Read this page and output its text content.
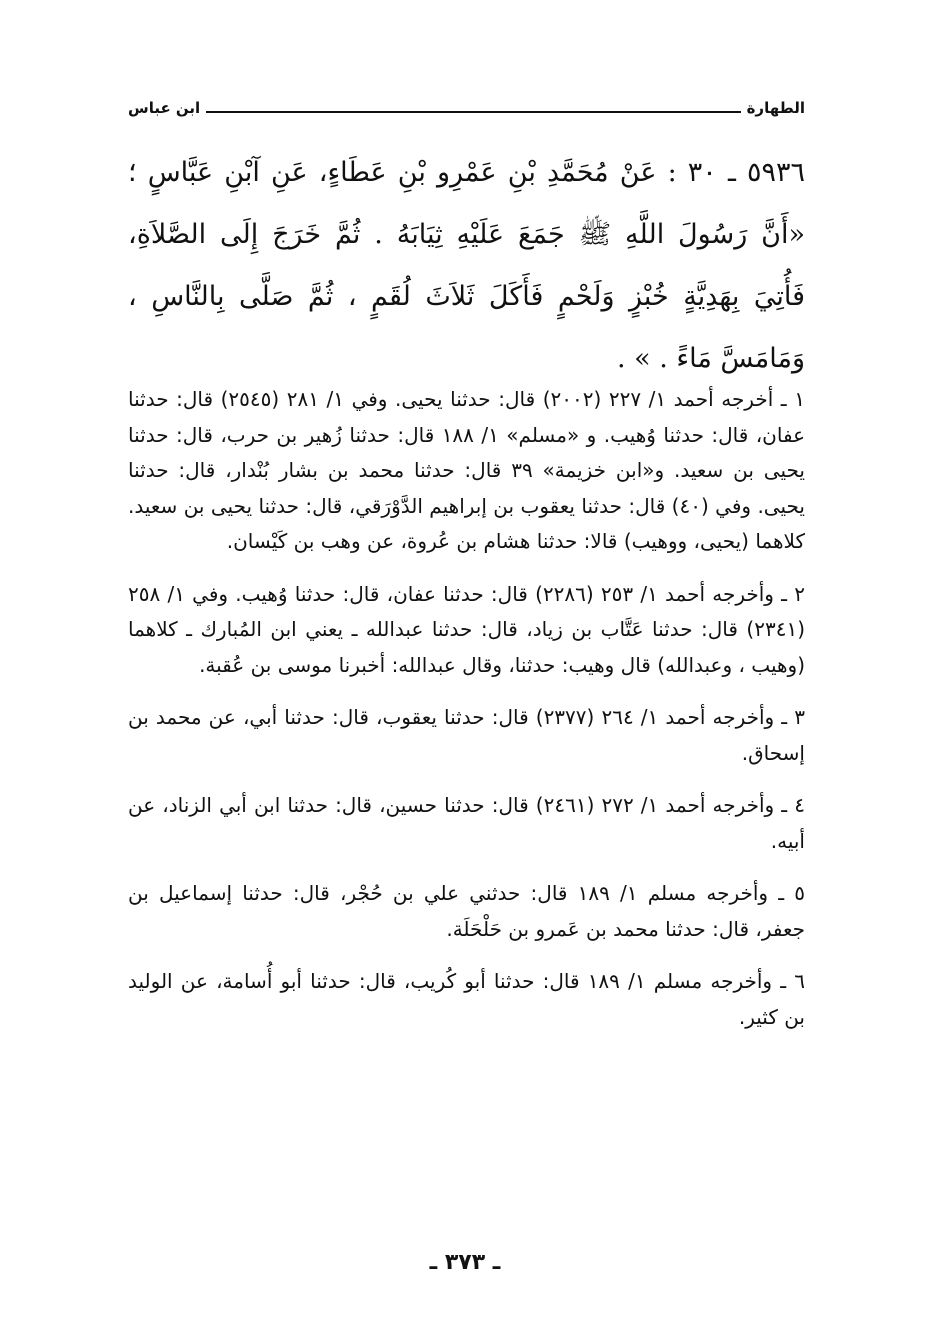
الطهارة
ابن عباس
٥٩٣٦ ـ ٣٠ : عَنْ مُحَمَّدِ بْنِ عَمْرِو بْنِ عَطَاءٍ، عَنِ آبْنِ عَبَّاسٍ ؛ «أَنَّ رَسُولَ اللَّهِ ﷺ جَمَعَ عَلَيْهِ ثِيَابَهُ . ثُمَّ خَرَجَ إِلَى الصَّلاَةِ، فَأُتِيَ بِهَدِيَّةٍ خُبْزٍ وَلَحْمٍ فَأَكَلَ ثَلاَثَ لُقَمٍ ، ثُمَّ صَلَّى بِالنَّاسِ ، وَمَامَسَّ مَاءً . » .

١ ـ أخرجه أحمد ١/ ٢٢٧ (٢٠٠٢) قال: حدثنا يحيى. وفي ١/ ٢٨١ (٢٥٤٥) قال: حدثنا عفان، قال: حدثنا وُهيب. و «مسلم» ١/ ١٨٨ قال: حدثنا زُهير بن حرب، قال: حدثنا يحيى بن سعيد. و«ابن خزيمة» ٣٩ قال: حدثنا محمد بن بشار بُنْدار، قال: حدثنا يحيى. وفي (٤٠) قال: حدثنا يعقوب بن إبراهيم الدَّوْرَقي، قال: حدثنا يحيى بن سعيد. كلاهما (يحيى، ووهيب) قالا: حدثنا هشام بن عُروة، عن وهب بن كَيْسان.

٢ ـ وأخرجه أحمد ١/ ٢٥٣ (٢٢٨٦) قال: حدثنا عفان، قال: حدثنا وُهيب. وفي ١/ ٢٥٨ (٢٣٤١) قال: حدثنا عَتَّاب بن زياد، قال: حدثنا عبدالله ـ يعني ابن المُبارك ـ كلاهما (وهيب ، وعبدالله) قال وهيب: حدثنا، وقال عبدالله: أخبرنا موسى بن عُقبة.

٣ ـ وأخرجه أحمد ١/ ٢٦٤ (٢٣٧٧) قال: حدثنا يعقوب، قال: حدثنا أبي، عن محمد بن إسحاق.

٤ ـ وأخرجه أحمد ١/ ٢٧٢ (٢٤٦١) قال: حدثنا حسين، قال: حدثنا ابن أبي الزناد، عن أبيه.

٥ ـ وأخرجه مسلم ١/ ١٨٩ قال: حدثني علي بن حُجْر، قال: حدثنا إسماعيل بن جعفر، قال: حدثنا محمد بن عَمرو بن حَلْحَلَة.

٦ ـ وأخرجه مسلم ١/ ١٨٩ قال: حدثنا أبو كُريب، قال: حدثنا أبو أُسامة، عن الوليد بن كثير.

ـ ٣٧٣ ـ
